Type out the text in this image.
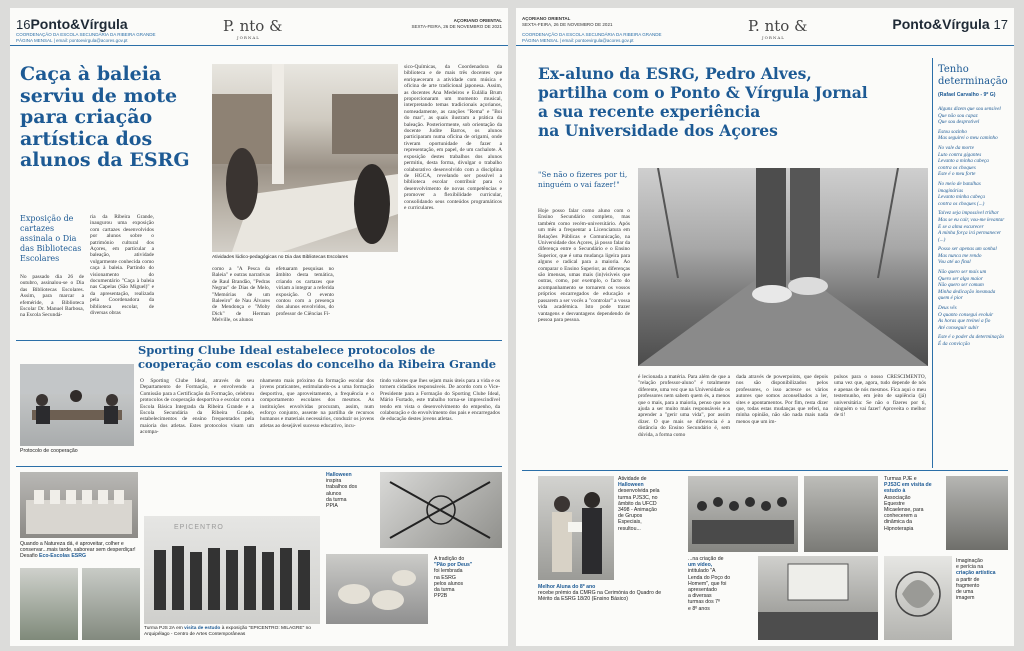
16Ponto&Vírgula
COORDENAÇÃO DA ESCOLA SECUNDÁRIA DA RIBEIRA GRANDE
PÁGINA MENSAL | email: pontoevirgula@acores.gov.pt
P. nto &
JORNAL
AÇORIANO ORIENTAL
SEXTA-FEIRA, 26 DE NOVEMBRO DE 2021
Caça à baleia
serviu de mote
para criação
artística dos
alunos da ESRG
Exposição de cartazes assinala o Dia das Bibliotecas Escolares
No passado dia 26 de outubro, assinalou-se o Dia das Bibliotecas Escolares. Assim, para marcar a efeméride, a Biblioteca Escolar Dr. Manuel Barbosa, na Escola Secundá-
ria da Ribeira Grande, inaugurou uma exposição com cartazes desenvolvidos por alunos sobre o património cultural dos Açores, em particular a baleação, atividade vulgarmente conhecida como caça à baleia. Partindo do visionamento do documentário "Caça à baleia nas Capelas (São Miguel)" e da apresentação, realizada pela Coordenadora da biblioteca escolar, de diversas obras
Atividades lúdico-pedagógicas no Dia das Bibliotecas Escolares
como a "A Pesca da Baleia" e outras narrativas de Raul Brandão, "Pedras Negras" de Dias de Melo, "Memórias de um Baleeiro" de Nau Álvares de Mendonça e "Moby Dick" de Herman Melville, os alunos
efetuaram pesquisas no âmbito desta temática, criando os cartazes que viriam a integrar a referida exposição. O evento contou com a presença dos alunos envolvidos, do professor de Ciências Fí-
sico-Químicas, da Coordenadora da biblioteca e de mais três docentes que enriqueceram a atividade com música e oficina de arte tradicional japonesa. Assim, as docentes Ana Medeiros e Eulália Brum proporcionaram um momento musical, interpretando temas tradicionais açorianos, nomeadamente, as canções "Rema" e "Boi do mar", as quais ilustram a prática da baleação. Posteriormente, sob orientação da docente Judite Barros, os alunos participaram numa oficina de origami, onde tiveram oportunidade de fazer a representação, em papel, de um cachalote. A exposição destes trabalhos dos alunos permitiu, desta forma, divulgar o trabalho colaborativo desenvolvido com a disciplina de HGCA, revelando ser possível a biblioteca escolar contribuir para o desenvolvimento de novas competências e promover a flexibilidade curricular, consolidando seus conteúdos programáticos e curriculares.
Sporting Clube Ideal estabelece protocolos de
cooperação com escolas do concelho da Ribeira Grande
Protocolo de cooperação
O Sporting Clube Ideal, através do seu Departamento de Formação, e envolvendo a Comissão para a Certificação da Formação, celebrou protocolos de cooperação desportiva e escolar com a Escola Básica Integrada da Ribeira Grande e a Escola Secundária da Ribeira Grande, estabelecimentos de ensino frequentados pela maioria dos atletas. Estes protocolos visam um acompa-
nhamento mais próximo da formação escolar dos jovens praticantes, estimulando-os a uma formação desportiva, que aproveitamento, a frequência e o comportamento escolares dos mesmos. As instituições envolvidas procuram, assim, num esforço conjunto, assente na partilha de recursos humanos e materiais necessários, conduzir os jovens atletas ao desejável sucesso educativo, incu-
tindo valores que lhes sejam mais úteis para a vida e os tornem cidadãos responsáveis. De acordo com o Vice-Presidente para a Formação do Sporting Clube Ideal, Mário Furtado, este trabalho torna-se imprescindível tendo em vista o desenvolvimento do empenho, da colaboração e do envolvimento dos pais e encarregados de educação destes jovens atletas.
Quando a Natureza dá, é aproveitar, colher e conservar...mais tarde, saborear sem desperdiçar! Desafio Eco-Escolas ESRG
EPICENTRO
Turma PJS 2A em visita de estudo à exposição "EPICENTRO: MILAGRE" no Arquipélago - Centro de Artes Contemporâneas
Halloween
inspira
trabalhos dos
alunos
da turma
PPIA
A tradição do
"Pão por Deus"
foi lembrada
na ESRG
pelos alunos
da turma
PP2B
AÇORIANO ORIENTAL
SEXTA-FEIRA, 26 DE NOVEMBRO DE 2021
COORDENAÇÃO DA ESCOLA SECUNDÁRIA DA RIBEIRA GRANDE
PÁGINA MENSAL | email: pontoevirgula@acores.gov.pt
P. nto &
JORNAL
Ponto&Vírgula 17
Ex-aluno da ESRG, Pedro Alves,
partilha com o Ponto & Vírgula Jornal
a sua recente experiência
na Universidade dos Açores
"Se não o fizeres por ti, ninguém o vai fazer!"
Hoje posso falar como aluno com o Ensino Secundário completo, mas também como recém-universitário. Após um mês a frequentar a Licenciatura em Relações Públicas e Comunicação, na Universidade dos Açores, já posso falar da diferença entre o Secundário e o Ensino Superior, que é uma mudança ligeira para alguns e radical para a maioria. Ao comparar o Ensino Superior, as diferenças são imensas, umas mais (in)visíveis que outras, como, por exemplo, o facto do acompanhamento se tornarem os vossos próprios encarregados de educação e passarem a ser vocês a "controlar" a vossa vida académica. Isto pode trazer vantagens e desvantagens dependendo de pessoa para pessoa.
é lecionada a matéria. Para além de que a "relação professor-aluno" é totalmente diferente, uma vez que na Universidade os professores nem sabem quem és, a menos que o mais, para a maioria, penso que nos ajuda a ser muito mais responsáveis e a aprender a "gerir uma vida", por assim dizer. O que mais se diferencia é a distância do Ensino Secundário é, sem dúvida, a forma como
dada através de powerpoints, que depois nos são disponibilizados pelos professores, o isso acresce os vários autores que somos aconselhados a ler, sites e apontamentos. Por fim, resta dizer que, todas estas mudanças que referi, na minha opinião, não são nada mais nada menos que um im-
pulsos para o nosso CRESCIMENTO, uma vez que, agora, tudo depende de nós e apenas de nós mesmos. Fica aqui o meu testemunho, em jeito de sapiência (já) universitária: Se não o fizeres por ti, ninguém o vai fazer! Aproveita o melhor de ti!
Tenho determinação
(Rafael Carvalho - 9º G)
Alguns dizem que sou sensível
Que não sou capaz
Que sou desprotivel
Estou sozinho
Mas seguirei o meu caminho
No vale da morte
Luto contra gigantes
Levanto a minha cabeça
contra os choques
Este é o meu forte
No meio de batalhas
imaginárias
Levanto minha cabeça
contra os choques (...)
Talvez seja impossível trilhar
Mas se eu cair, vou-me levantar
E se a alma escurecer
A minha força irá permanecer
(...)
Posso ser apenas um sonhal
Mas nunca me rendo
Vou até ao final
Não quero ser mais um
Quero ser algo maior
Não quero ser comum
Minha dedicação inesmada
quem é pior
Deus vês
O quanto consegui evoluir
As horas que treinei a fio
Até conseguir subir
Este é o poder da determinação
É da convicção
Atividade de
Halloween
desenvolvida pela
turma PJS3C, no
âmbito da UFCD
3498 - Animação
de Grupos
Especiais,
resultou...
Turmas PJE e
PJS3C em visita de estudo à
Associação
Equestre
Micaelense, para
conhecerem a
dinâmica da
Hipnoterapia
Melhor Aluna do 8º ano
recebe prémio da CMRG na Cerimónia do Quadro de Mérito da ESRG 18/20 (Ensino Básico)
...na criação de
um vídeo,
intitulado "A
Lenda do Poço do
Homem", que foi
apresentado
a diversas
turmas dos 7º
e 8º anos
Imaginação
e perícia na
criação artística
a partir de
fragmento
de uma
imagem
